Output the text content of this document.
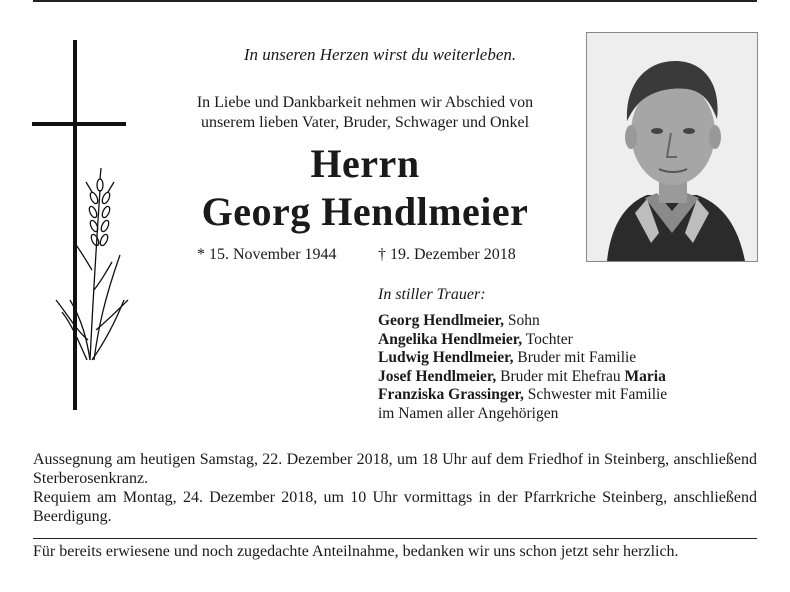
In unseren Herzen wirst du weiterleben.
In Liebe und Dankbarkeit nehmen wir Abschied von
unserem lieben Vater, Bruder, Schwager und Onkel
Herrn
Georg Hendlmeier
* 15. November 1944	† 19. Dezember 2018
In stiller Trauer:
Georg Hendlmeier, Sohn
Angelika Hendlmeier, Tochter
Ludwig Hendlmeier, Bruder mit Familie
Josef Hendlmeier, Bruder mit Ehefrau Maria
Franziska Grassinger, Schwester mit Familie
im Namen aller Angehörigen

Aussegnung am heutigen Samstag, 22. Dezember 2018, um 18 Uhr auf dem Friedhof in Steinberg, anschließend Sterberosenkranz.

Requiem am Montag, 24. Dezember 2018, um 10 Uhr vormittags in der Pfarrkriche Steinberg, anschließend Beerdigung.

Für bereits erwiesene und noch zugedachte Anteilnahme, bedanken wir uns schon jetzt sehr herzlich.
